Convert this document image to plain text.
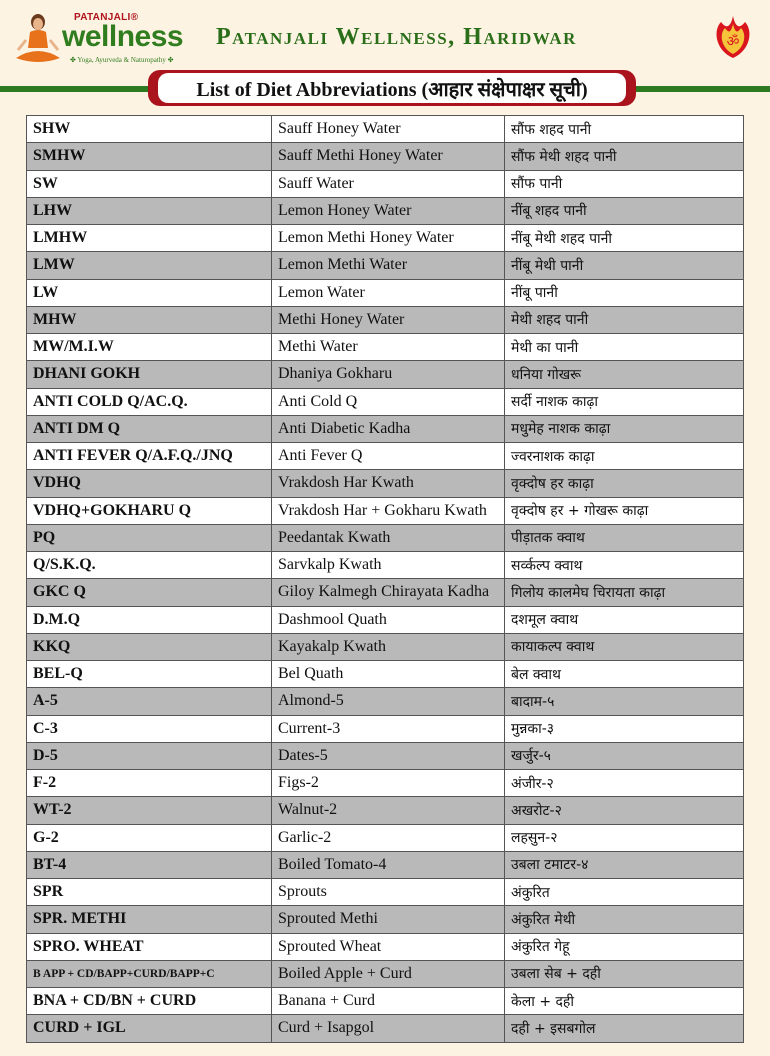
PATANJALI®
wellness
✤ Yoga, Ayurveda & Naturopathy ✤
Patanjali Wellness, Haridwar	ॐ
List of Diet Abbreviations (आहार संक्षेपाक्षर सूची)
SHW	Sauff Honey Water	सौंफ शहद पानी
SMHW	Sauff Methi Honey Water	सौंफ मेथी शहद पानी
SW	Sauff Water	सौंफ पानी
LHW	Lemon Honey Water	नींबू शहद पानी
LMHW	Lemon Methi Honey Water	नींबू मेथी शहद पानी
LMW	Lemon Methi Water	नींबू मेथी पानी
LW	Lemon Water	नींबू पानी
MHW	Methi Honey Water	मेथी शहद पानी
MW/M.I.W	Methi Water	मेथी का पानी
DHANI GOKH	Dhaniya Gokharu	धनिया गोखरू
ANTI COLD Q/AC.Q.	Anti Cold Q	सर्दी नाशक काढ़ा
ANTI DM Q	Anti Diabetic Kadha	मधुमेह नाशक काढ़ा
ANTI FEVER Q/A.F.Q./JNQ	Anti Fever Q	ज्वरनाशक काढ़ा
VDHQ	Vrakdosh Har Kwath	वृक्दोष हर काढ़ा
VDHQ+GOKHARU Q	Vrakdosh Har + Gokharu Kwath	वृक्दोष हर + गोखरू काढ़ा
PQ	Peedantak Kwath	पीड़ातक क्वाथ
Q/S.K.Q.	Sarvkalp Kwath	सर्व्कल्प क्वाथ
GKC Q	Giloy Kalmegh Chirayata Kadha	गिलोय कालमेघ चिरायता काढ़ा
D.M.Q	Dashmool Quath	दशमूल क्वाथ
KKQ	Kayakalp Kwath	कायाकल्प क्वाथ
BEL-Q	Bel Quath	बेल क्वाथ
A-5	Almond-5	बादाम-५
C-3	Current-3	मुन्नका-३
D-5	Dates-5	खर्जुर-५
F-2	Figs-2	अंजीर-२
WT-2	Walnut-2	अखरोट-२
G-2	Garlic-2	लहसुन-२
BT-4	Boiled Tomato-4	उबला टमाटर-४
SPR	Sprouts	अंकुरित
SPR. METHI	Sprouted Methi	अंकुरित मेथी
SPRO. WHEAT	Sprouted Wheat	अंकुरित गेहू
B APP + CD/BAPP+CURD/BAPP+C	Boiled Apple + Curd	उबला सेब + दही
BNA + CD/BN + CURD	Banana + Curd	केला + दही
CURD + IGL	Curd + Isapgol	दही + इसबगोल
